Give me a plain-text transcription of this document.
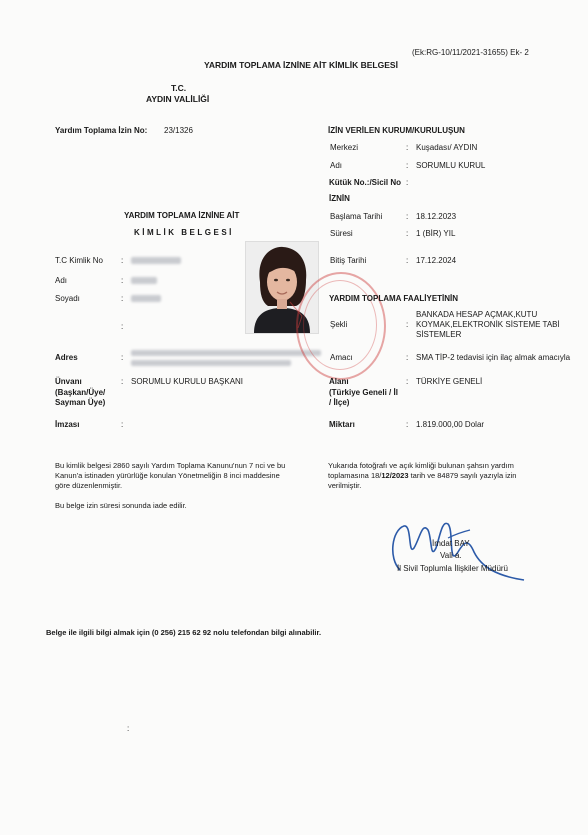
(Ek:RG-10/11/2021-31655) Ek- 2
YARDIM TOPLAMA İZNİNE AİT KİMLİK BELGESİ
T.C.
AYDIN VALİLİĞİ
Yardım Toplama İzin No: 23/1326	İZİN VERİLEN KURUM/KURULUŞUN
Merkezi	: Kuşadası/ AYDIN
Adı	: SORUMLU KURUL
Kütük No.:/Sicil No :
İZNİN
Başlama Tarihi	: 18.12.2023
Süresi	: 1 (BİR) YIL
Bitiş Tarihi	: 17.12.2024
YARDIM TOPLAMA İZNİNE AİT
KİMLİK BELGESİ
T.C Kimlik No :
Adı	:
Soyadı	:
:
Adres	:
Ünvanı
(Başkan/Üye/
Sayman Üye)
: SORUMLU KURULU BAŞKANI
İmzası	:
YARDIM TOPLAMA FAALİYETİNİN
Şekli	:
BANKADA HESAP AÇMAK,KUTU
KOYMAK,ELEKTRONİK SİSTEME TABİ
SİSTEMLER
Amacı	: SMA TİP-2 tedavisi için ilaç almak amacıyla
Alanı
(Türkiye Geneli / İl
/ İlçe)
: TÜRKİYE GENELİ
Miktarı	: 1.819.000,00 Dolar
Bu kimlik belgesi 2860 sayılı Yardım Toplama Kanunu'nun 7 nci ve bu
Kanun'a istinaden yürürlüğe konulan Yönetmeliğin 8 inci maddesine
göre düzenlenmiştir.
Bu belge izin süresi sonunda iade edilir.
Yukarıda fotoğrafı ve açık kimliği bulunan şahsın yardım
toplamasına 18/12/2023 tarih ve 84879 sayılı yazıyla izin
verilmiştir.
İmdat BAY
Vali a.
İl Sivil Toplumla İlişkiler Müdürü
Belge ile ilgili bilgi almak için (0 256) 215 62 92 nolu telefondan bilgi alınabilir.
:
